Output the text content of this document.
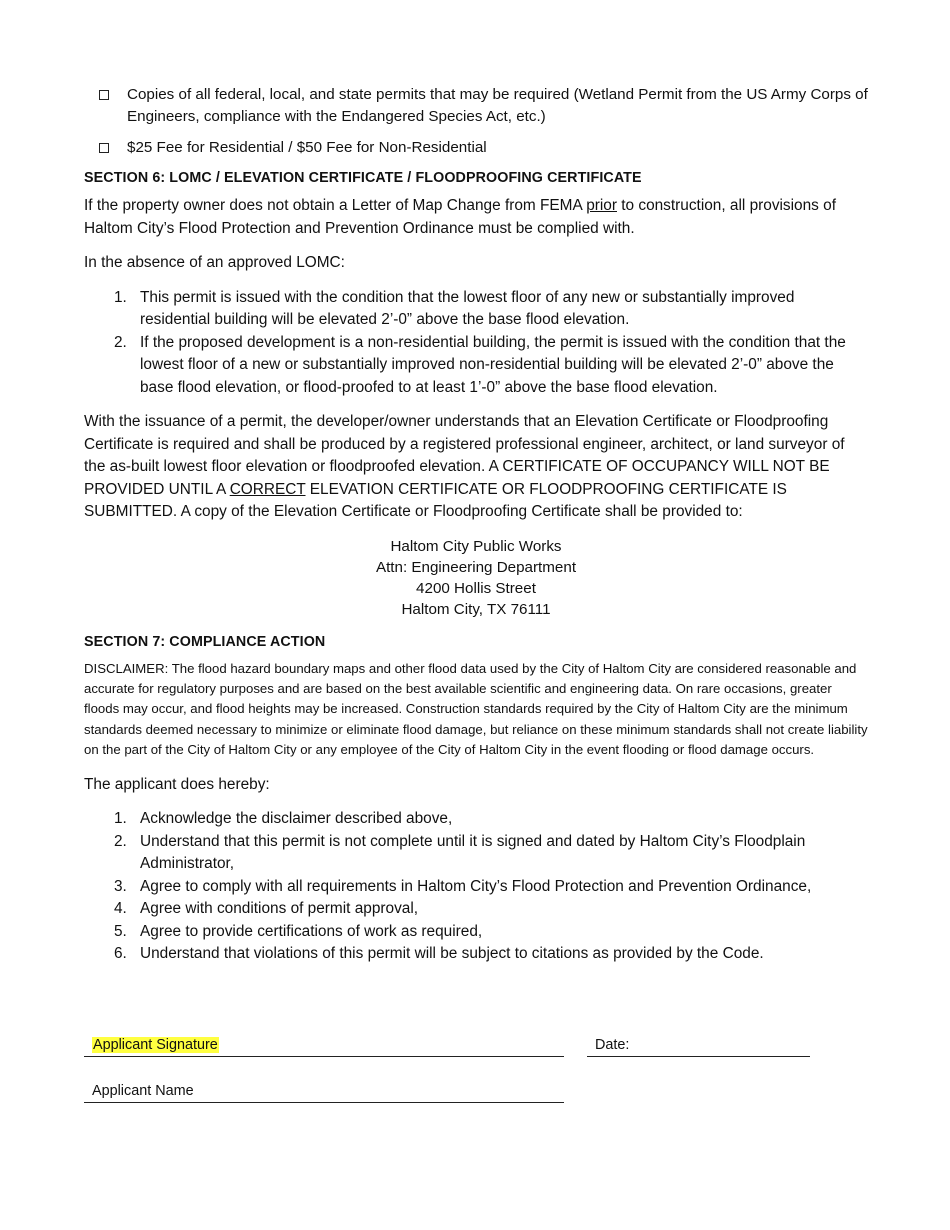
Copies of all federal, local, and state permits that may be required (Wetland Permit from the US Army Corps of Engineers, compliance with the Endangered Species Act, etc.)
$25 Fee for Residential / $50 Fee for Non-Residential
SECTION 6: LOMC / ELEVATION CERTIFICATE / FLOODPROOFING CERTIFICATE

If the property owner does not obtain a Letter of Map Change from FEMA prior to construction, all provisions of Haltom City’s Flood Protection and Prevention Ordinance must be complied with.

In the absence of an approved LOMC:

1. This permit is issued with the condition that the lowest floor of any new or substantially improved residential building will be elevated 2’-0” above the base flood elevation.
2. If the proposed development is a non-residential building, the permit is issued with the condition that the lowest floor of a new or substantially improved non-residential building will be elevated 2’-0” above the base flood elevation, or flood-proofed to at least 1’-0” above the base flood elevation.

With the issuance of a permit, the developer/owner understands that an Elevation Certificate or Floodproofing Certificate is required and shall be produced by a registered professional engineer, architect, or land surveyor of the as-built lowest floor elevation or floodproofed elevation. A CERTIFICATE OF OCCUPANCY WILL NOT BE PROVIDED UNTIL A CORRECT ELEVATION CERTIFICATE OR FLOODPROOFING CERTIFICATE IS SUBMITTED. A copy of the Elevation Certificate or Floodproofing Certificate shall be provided to:

Haltom City Public Works
Attn: Engineering Department
4200 Hollis Street
Haltom City, TX 76111
SECTION 7: COMPLIANCE ACTION

DISCLAIMER: The flood hazard boundary maps and other flood data used by the City of Haltom City are considered reasonable and accurate for regulatory purposes and are based on the best available scientific and engineering data. On rare occasions, greater floods may occur, and flood heights may be increased. Construction standards required by the City of Haltom City are the minimum standards deemed necessary to minimize or eliminate flood damage, but reliance on these minimum standards shall not create liability on the part of the City of Haltom City or any employee of the City of Haltom City in the event flooding or flood damage occurs.

The applicant does hereby:

1. Acknowledge the disclaimer described above,
2. Understand that this permit is not complete until it is signed and dated by Haltom City’s Floodplain Administrator,
3. Agree to comply with all requirements in Haltom City’s Flood Protection and Prevention Ordinance,
4. Agree with conditions of permit approval,
5. Agree to provide certifications of work as required,
6. Understand that violations of this permit will be subject to citations as provided by the Code.
Applicant Signature	Date:
Applicant Name
